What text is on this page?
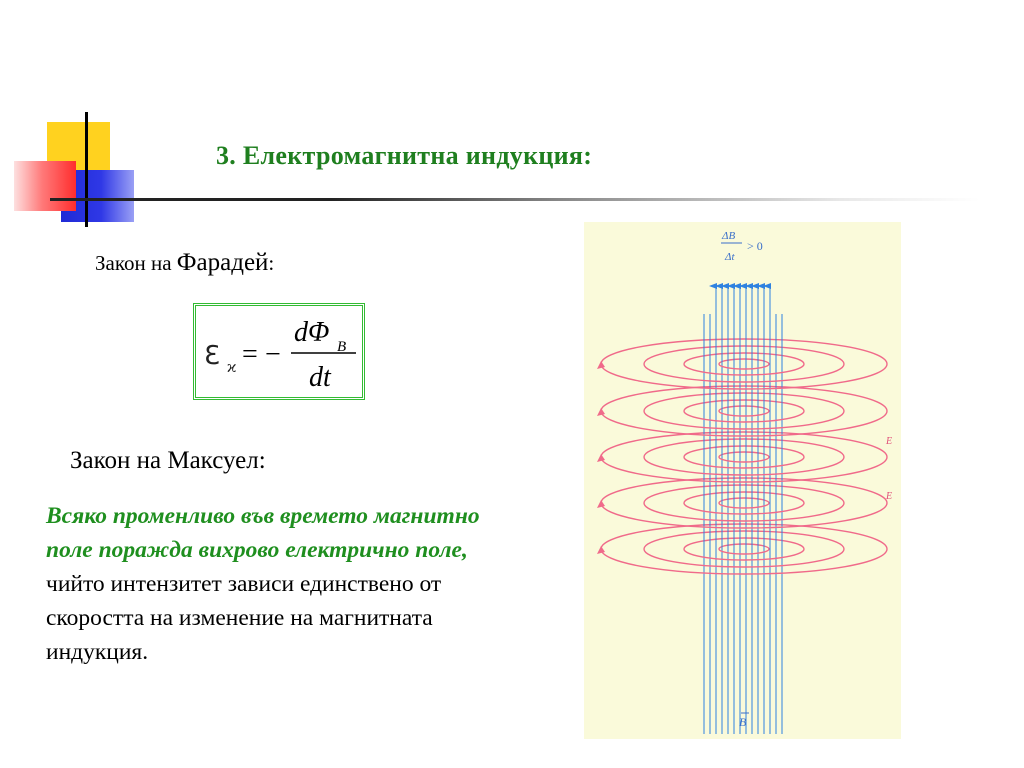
3. Електромагнитна индукция:
Закон на Фарадей:
ℇ ϰ = −
dΦ B
dt
Закон на Максуел:
Всяко променливо във времето магнитно поле поражда вихрово електрично поле, чийто интензитет зависи единствено от скоростта на изменение на магнитната индукция.
ΔB
Δt
> 0
B
E
E
